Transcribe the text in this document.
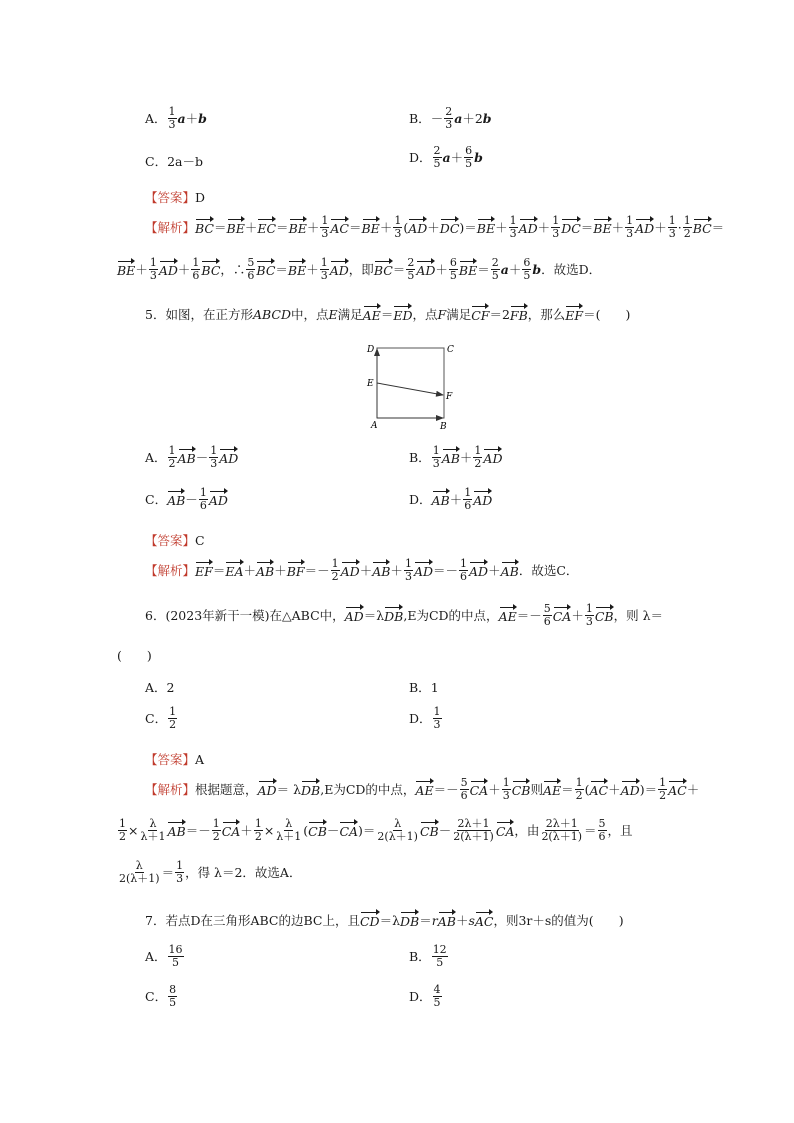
A． 1
3 a ＋ b	B． － 2
3 a ＋2 b
C． 2a－b	D． 2
5 a ＋ 6
5 b
【答案】 D
【解析】 BC ＝ BE ＋ EC ＝ BE ＋ 1
3 AC ＝ BE ＋ 1
3 ( AD ＋ DC )＝ BE ＋ 1
3 AD ＋ 1
3 DC ＝ BE ＋ 1
3 AD ＋ 1
3 · 1
2 BC ＝
BE ＋ 1
3 AD ＋ 1
6 BC ，∴ 5
6 BC ＝ BE ＋ 1
3 AD ，即 BC ＝ 2
5 AD ＋ 6
5 BE ＝ 2
5 a ＋ 6
5 b ．故选D．
5．如图，在正方形 ABCD 中，点 E 满足 AE ＝ ED ，点 F 满足 CF ＝2 FB ，那么 EF ＝(　　)
D	C
E
F
A	B
A． 1
2 AB － 1
3 AD	B． 1
3 AB ＋ 1
2 AD
C． AB － 1
6 AD	D． AB ＋ 1
6 AD
【答案】 C
【解析】 EF ＝ EA ＋ AB ＋ BF ＝－ 1
2 AD ＋ AB ＋ 1
3 AD ＝－ 1
6 AD ＋ AB ．故选C．
6．(2023年新干一模)在△ABC中， AD ＝λ DB , E为CD的中点， AE ＝－ 5
6 CA ＋ 1
3 CB ，则 λ＝
(　　)
A． 2	B． 1
C． 1
2	D． 1
3
【答案】 A
【解析】 根据题意， AD ＝ λ DB , E为CD的中点， AE ＝－ 5
6 CA ＋ 1
3 CB 则 AE ＝ 1
2 ( AC ＋ AD )＝ 1
2 AC ＋
1
2 × λ
λ＋1 AB ＝－ 1
2 CA ＋ 1
2 × λ
λ＋1 ( CB － CA )＝ λ
2(λ＋1) CB － 2λ＋1
2(λ＋1) CA ， 由 2λ＋1
2(λ＋1) ＝ 5
6 ，且
λ
2(λ＋1) ＝ 1
3 ，得 λ＝2．故选A．
7．若点D在三角形ABC的边BC上，且 CD ＝λ DB ＝ r AB ＋ s AC ，则3r＋s的值为(　　)
A． 16
5	B． 12
5
C． 8
5	D． 4
5
